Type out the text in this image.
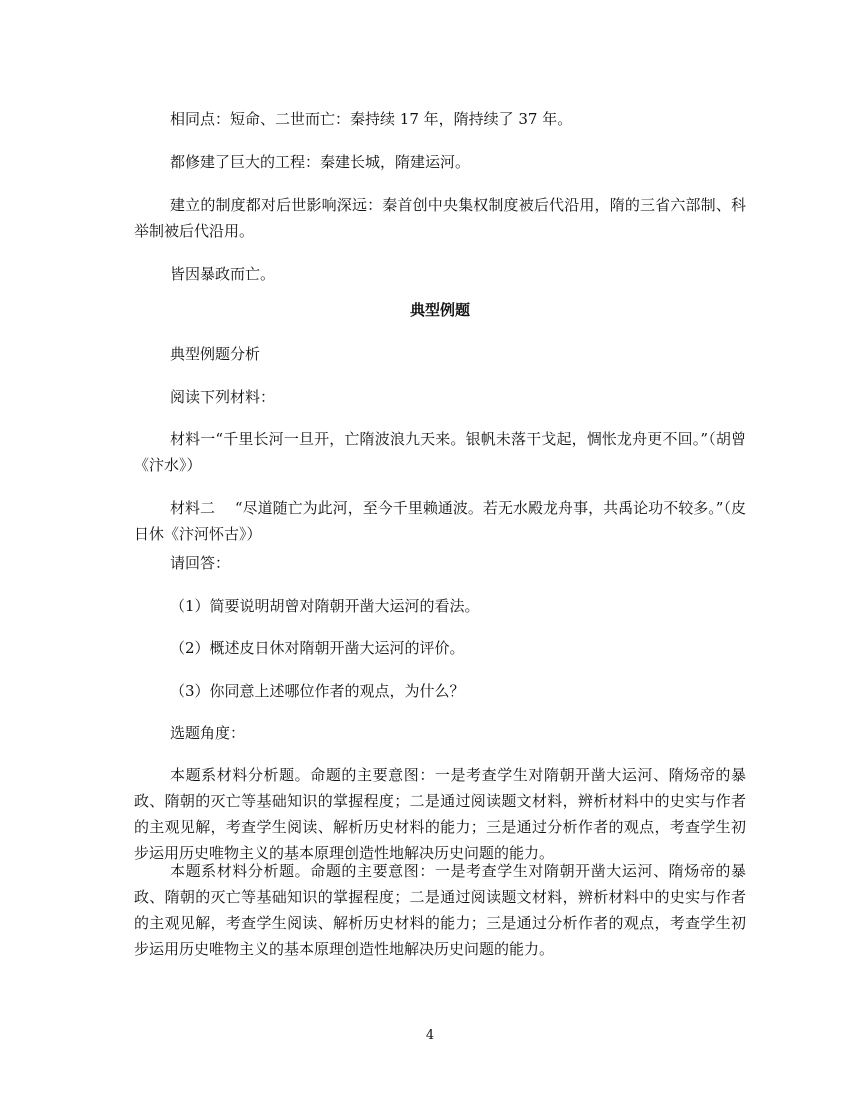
相同点：短命、二世而亡：秦持续 17 年，隋持续了 37 年。

都修建了巨大的工程：秦建长城，隋建运河。

建立的制度都对后世影响深远：秦首创中央集权制度被后代沿用，隋的三省六部制、科举制被后代沿用。

皆因暴政而亡。

典型例题

典型例题分析

阅读下列材料：

材料一“千里长河一旦开，亡隋波浪九天来。银帆未落干戈起，惆怅龙舟更不回。”（胡曾《汴水》）

材料二　 “尽道随亡为此河，至今千里赖通波。若无水殿龙舟事，共禹论功不较多。”（皮日休《汴河怀古》）

请回答：

（1）简要说明胡曾对隋朝开凿大运河的看法。

（2）概述皮日休对隋朝开凿大运河的评价。

（3）你同意上述哪位作者的观点，为什么？

选题角度：

本题系材料分析题。命题的主要意图：一是考查学生对隋朝开凿大运河、隋炀帝的暴政、隋朝的灭亡等基础知识的掌握程度；二是通过阅读题文材料，辨析材料中的史实与作者的主观见解，考查学生阅读、解析历史材料的能力；三是通过分析作者的观点，考查学生初步运用历史唯物主义的基本原理创造性地解决历史问题的能力。

本题系材料分析题。命题的主要意图：一是考查学生对隋朝开凿大运河、隋炀帝的暴政、隋朝的灭亡等基础知识的掌握程度；二是通过阅读题文材料，辨析材料中的史实与作者的主观见解，考查学生阅读、解析历史材料的能力；三是通过分析作者的观点，考查学生初步运用历史唯物主义的基本原理创造性地解决历史问题的能力。

4
